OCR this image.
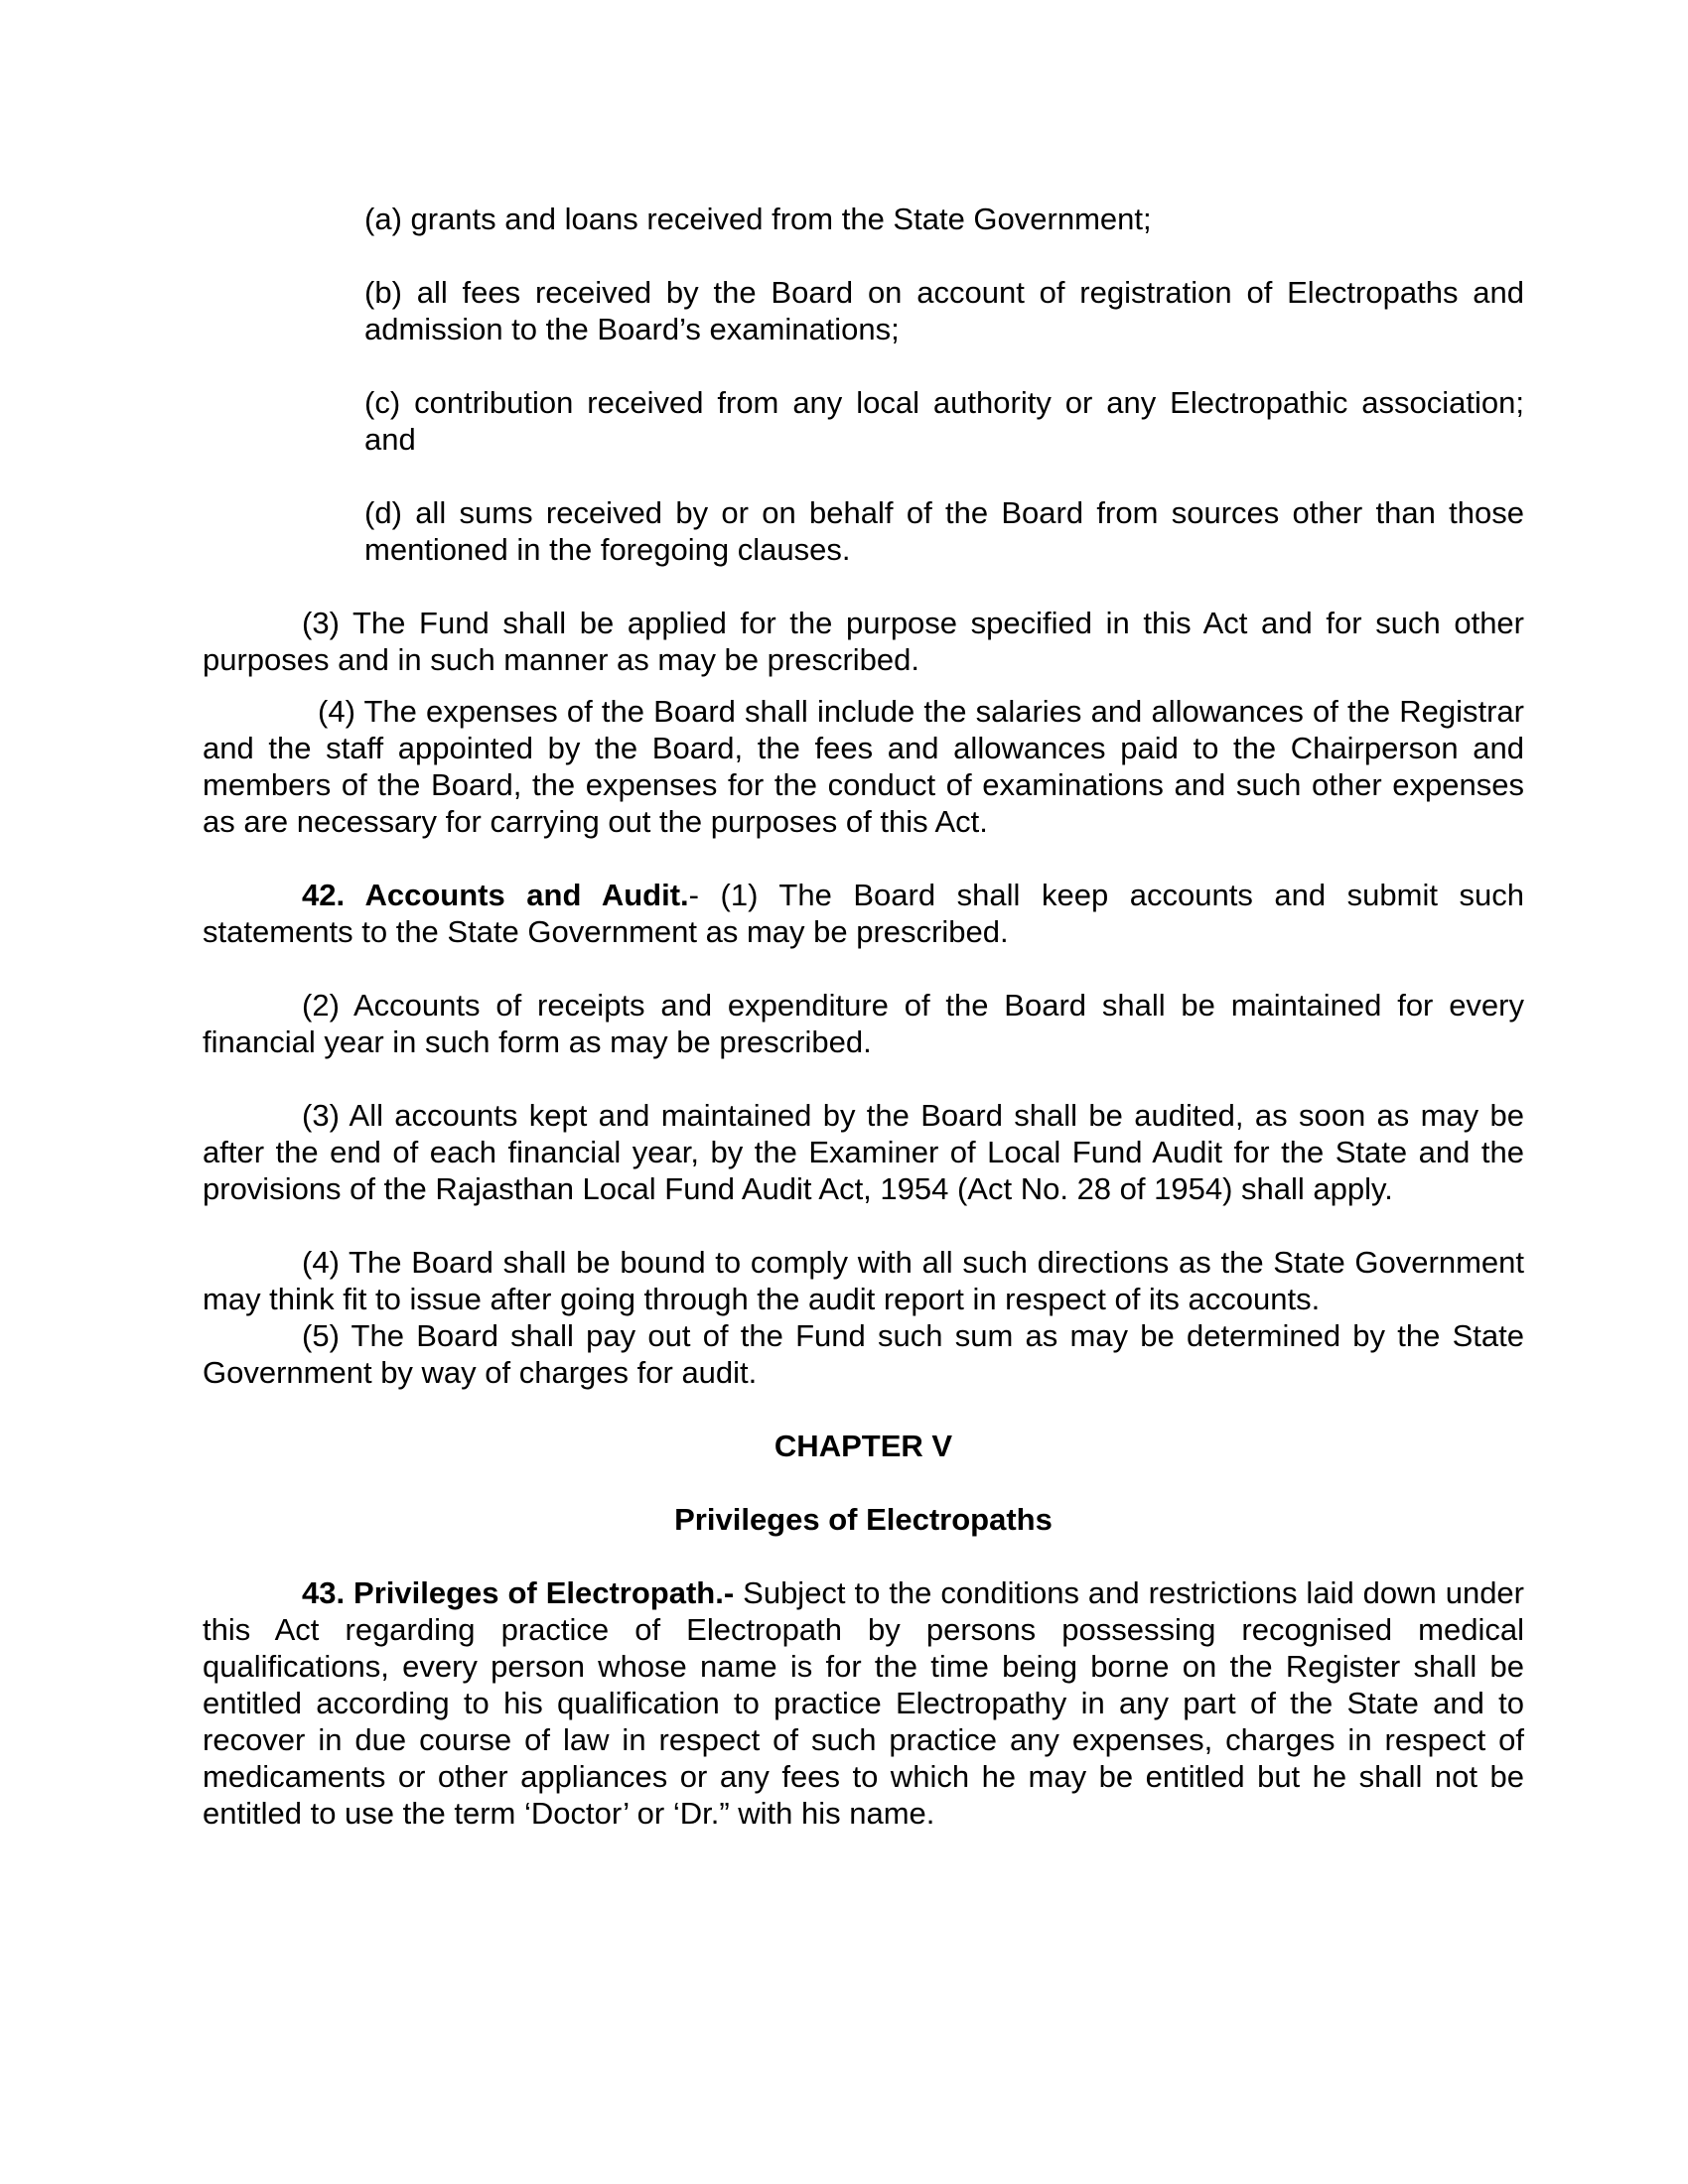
(a) grants and loans received from the State Government;

(b) all fees received by the Board on account of registration of Electropaths and admission to the Board’s examinations;

(c) contribution received from any local authority or any Electropathic association; and

(d) all sums received by or on behalf of the Board from sources other than those mentioned in the foregoing clauses.

(3) The Fund shall be applied for the purpose specified in this Act and for such other purposes and in such manner as may be prescribed.

(4) The expenses of the Board shall include the salaries and allowances of the Registrar and the staff appointed by the Board, the fees and allowances paid to the Chairperson and members of the Board, the expenses for the conduct of examinations and such other expenses as are necessary for carrying out the purposes of this Act.

42. Accounts and Audit.- (1) The Board shall keep accounts and submit such statements to the State Government as may be prescribed.

(2) Accounts of receipts and expenditure of the Board shall be maintained for every financial year in such form as may be prescribed.

(3) All accounts kept and maintained by the Board shall be audited, as soon as may be after the end of each financial year, by the Examiner of Local Fund Audit for the State and the provisions of the Rajasthan Local Fund Audit Act, 1954 (Act No. 28 of 1954) shall apply.

(4) The Board shall be bound to comply with all such directions as the State Government may think fit to issue after going through the audit report in respect of its accounts.

(5) The Board shall pay out of the Fund such sum as may be determined by the State Government by way of charges for audit.

CHAPTER V

Privileges of Electropaths

43. Privileges of Electropath.- Subject to the conditions and restrictions laid down under this Act regarding practice of Electropath by persons possessing recognised medical qualifications, every person whose name is for the time being borne on the Register shall be entitled according to his qualification to practice Electropathy in any part of the State and to recover in due course of law in respect of such practice any expenses, charges in respect of medicaments or other appliances or any fees to which he may be entitled but he shall not be entitled to use the term ‘Doctor’ or ‘Dr.” with his name.
